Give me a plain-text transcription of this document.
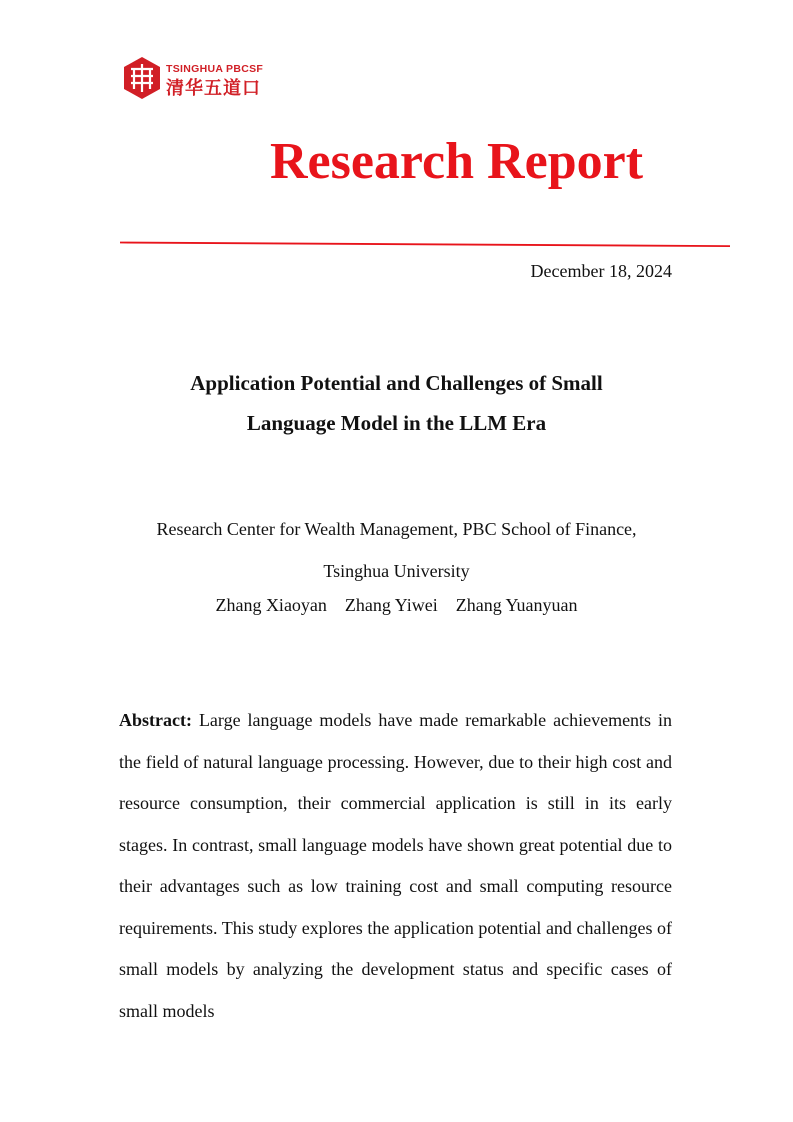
TSINGHUA PBCSF
清华五道口
Research Report
December 18, 2024
Application Potential and Challenges of Small
Language Model in the LLM Era
Research Center for Wealth Management, PBC School of Finance,
Tsinghua University
Zhang Xiaoyan Zhang Yiwei Zhang Yuanyuan
Abstract: Large language models have made remarkable achievements in the field of natural language processing. However, due to their high cost and resource consumption, their commercial application is still in its early stages. In contrast, small language models have shown great potential due to their advantages such as low training cost and small computing resource requirements. This study explores the application potential and challenges of small models by analyzing the development status and specific cases of small models
